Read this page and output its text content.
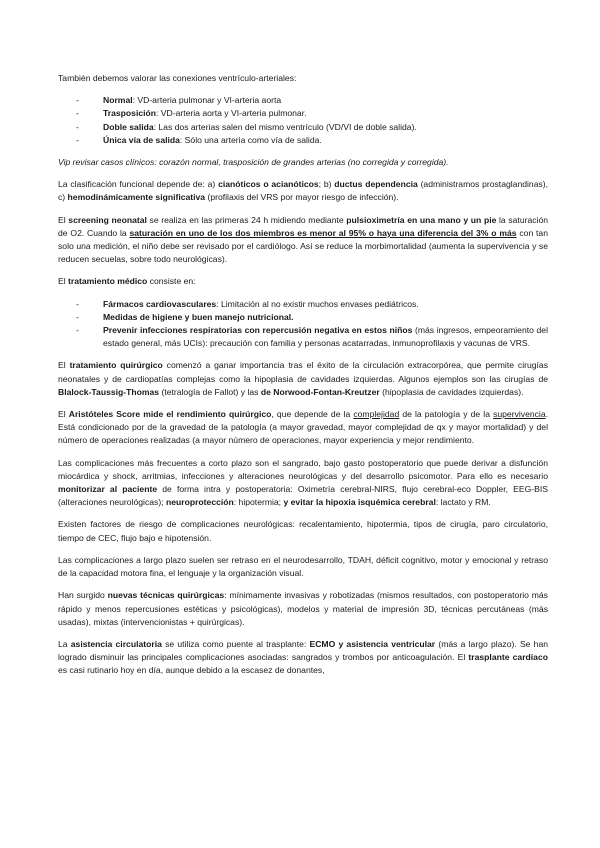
También debemos valorar las conexiones ventrículo-arteriales:

- Normal: VD-arteria pulmonar y VI-arteria aorta
- Trasposición: VD-arteria aorta y VI-arteria pulmonar.
- Doble salida: Las dos arterias salen del mismo ventrículo (VD/VI de doble salida).
- Única vía de salida: Sólo una arteria como vía de salida.

Vip revisar casos clínicos: corazón normal, trasposición de grandes arterias (no corregida y corregida).

La clasificación funcional depende de: a) cianóticos o acianóticos; b) ductus dependencia (administramos prostaglandinas), c) hemodinámicamente significativa (profilaxis del VRS por mayor riesgo de infección).

El screening neonatal se realiza en las primeras 24 h midiendo mediante pulsioximetría en una mano y un pie la saturación de O2. Cuando la saturación en uno de los dos miembros es menor al 95% o haya una diferencia del 3% o más con tan solo una medición, el niño debe ser revisado por el cardiólogo. Así se reduce la morbimortalidad (aumenta la supervivencia y se reducen secuelas, sobre todo neurológicas).

El tratamiento médico consiste en:

- Fármacos cardiovasculares: Limitación al no existir muchos envases pediátricos.
- Medidas de higiene y buen manejo nutricional.
- Prevenir infecciones respiratorias con repercusión negativa en estos niños (más ingresos, empeoramiento del estado general, más UCIs): precaución con familia y personas acatarradas, inmunoprofilaxis y vacunas de VRS.

El tratamiento quirúrgico comenzó a ganar importancia tras el éxito de la circulación extracorpórea, que permite cirugías neonatales y de cardiopatías complejas como la hipoplasia de cavidades izquierdas. Algunos ejemplos son las cirugías de Blalock-Taussig-Thomas (tetralogía de Fallot) y las de Norwood-Fontan-Kreutzer (hipoplasia de cavidades izquierdas).

El Aristóteles Score mide el rendimiento quirúrgico, que depende de la complejidad de la patología y de la supervivencia. Está condicionado por de la gravedad de la patología (a mayor gravedad, mayor complejidad de qx y mayor mortalidad) y del número de operaciones realizadas (a mayor número de operaciones, mayor experiencia y mejor rendimiento.

Las complicaciones más frecuentes a corto plazo son el sangrado, bajo gasto postoperatorio que puede derivar a disfunción miocárdica y shock, arritmias, infecciones y alteraciones neurológicas y del desarrollo psicomotor. Para ello es necesario monitorizar al paciente de forma intra y postoperatoria: Oximetría cerebral-NIRS, flujo cerebral-eco Doppler, EEG-BIS (alteraciones neurológicas); neuroprotección: hipotermia; y evitar la hipoxia isquémica cerebral: lactato y RM.

Existen factores de riesgo de complicaciones neurológicas: recalentamiento, hipotermia, tipos de cirugía, paro circulatorio, tiempo de CEC, flujo bajo e hipotensión.

Las complicaciones a largo plazo suelen ser retraso en el neurodesarrollo, TDAH, déficit cognitivo, motor y emocional y retraso de la capacidad motora fina, el lenguaje y la organización visual.

Han surgido nuevas técnicas quirúrgicas: mínimamente invasivas y robotizadas (mismos resultados, con postoperatorio más rápido y menos repercusiones estéticas y psicológicas), modelos y material de impresión 3D, técnicas percutáneas (más usadas), mixtas (intervencionistas + quirúrgicas).

La asistencia circulatoria se utiliza como puente al trasplante: ECMO y asistencia ventricular (más a largo plazo). Se han logrado disminuir las principales complicaciones asociadas: sangrados y trombos por anticoagulación. El trasplante cardíaco es casi rutinario hoy en día, aunque debido a la escasez de donantes,
